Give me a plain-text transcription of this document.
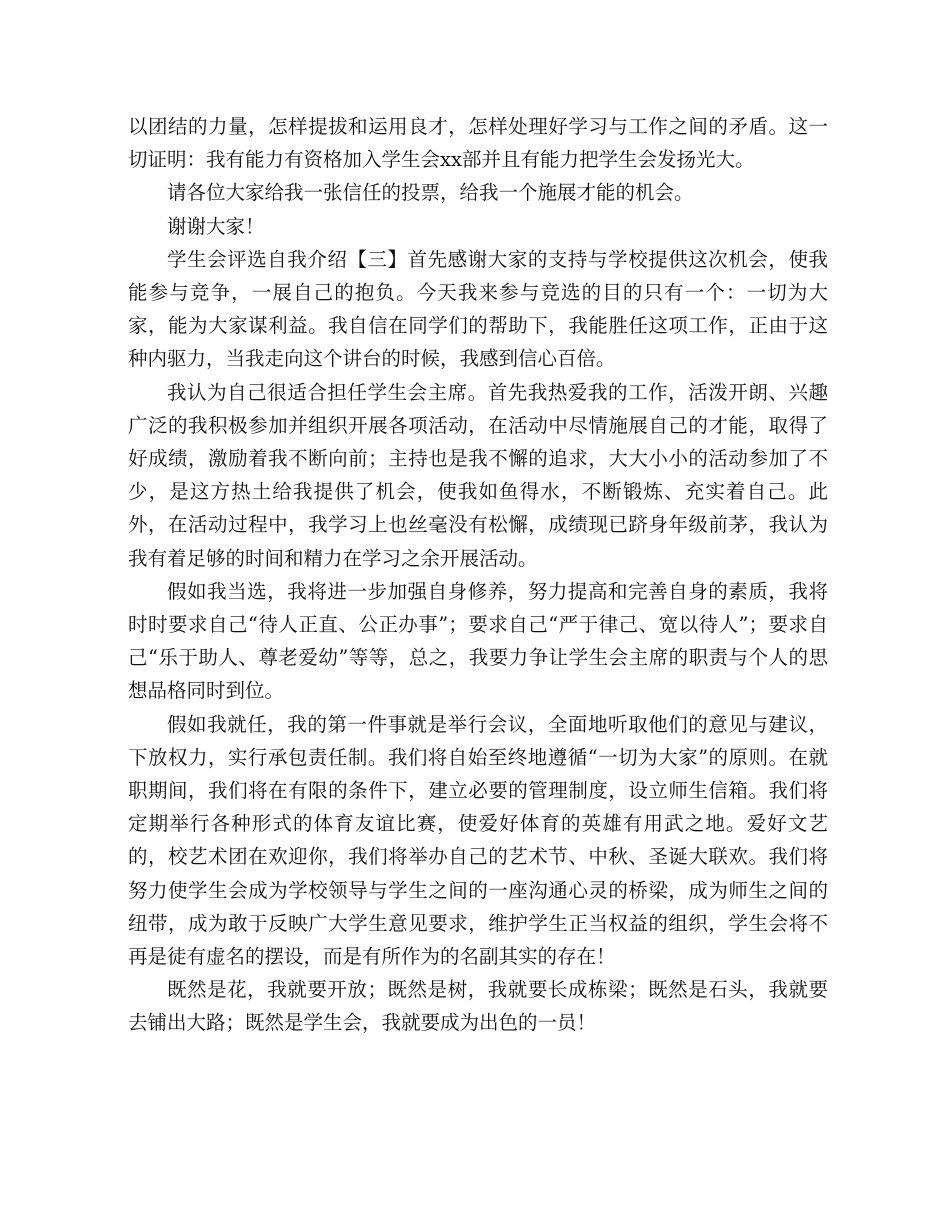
以团结的力量，怎样提拔和运用良才，怎样处理好学习与工作之间的矛盾。这一切证明：我有能力有资格加入学生会xx部并且有能力把学生会发扬光大。

请各位大家给我一张信任的投票，给我一个施展才能的机会。

谢谢大家！

学生会评选自我介绍【三】首先感谢大家的支持与学校提供这次机会，使我能参与竞争，一展自己的抱负。今天我来参与竞选的目的只有一个：一切为大家，能为大家谋利益。我自信在同学们的帮助下，我能胜任这项工作，正由于这种内驱力，当我走向这个讲台的时候，我感到信心百倍。

我认为自己很适合担任学生会主席。首先我热爱我的工作，活泼开朗、兴趣广泛的我积极参加并组织开展各项活动，在活动中尽情施展自己的才能，取得了好成绩，激励着我不断向前；主持也是我不懈的追求，大大小小的活动参加了不少，是这方热土给我提供了机会，使我如鱼得水，不断锻炼、充实着自己。此外，在活动过程中，我学习上也丝毫没有松懈，成绩现已跻身年级前茅，我认为我有着足够的时间和精力在学习之余开展活动。

假如我当选，我将进一步加强自身修养，努力提高和完善自身的素质，我将时时要求自己“待人正直、公正办事”；要求自己“严于律己、宽以待人”；要求自己“乐于助人、尊老爱幼”等等，总之，我要力争让学生会主席的职责与个人的思想品格同时到位。

假如我就任，我的第一件事就是举行会议，全面地听取他们的意见与建议，下放权力，实行承包责任制。我们将自始至终地遵循“一切为大家”的原则。在就职期间，我们将在有限的条件下，建立必要的管理制度，设立师生信箱。我们将定期举行各种形式的体育友谊比赛，使爱好体育的英雄有用武之地。爱好文艺的，校艺术团在欢迎你，我们将举办自己的艺术节、中秋、圣诞大联欢。我们将努力使学生会成为学校领导与学生之间的一座沟通心灵的桥梁，成为师生之间的纽带，成为敢于反映广大学生意见要求，维护学生正当权益的组织，学生会将不再是徒有虚名的摆设，而是有所作为的名副其实的存在！

既然是花，我就要开放；既然是树，我就要长成栋梁；既然是石头，我就要去铺出大路；既然是学生会，我就要成为出色的一员！
